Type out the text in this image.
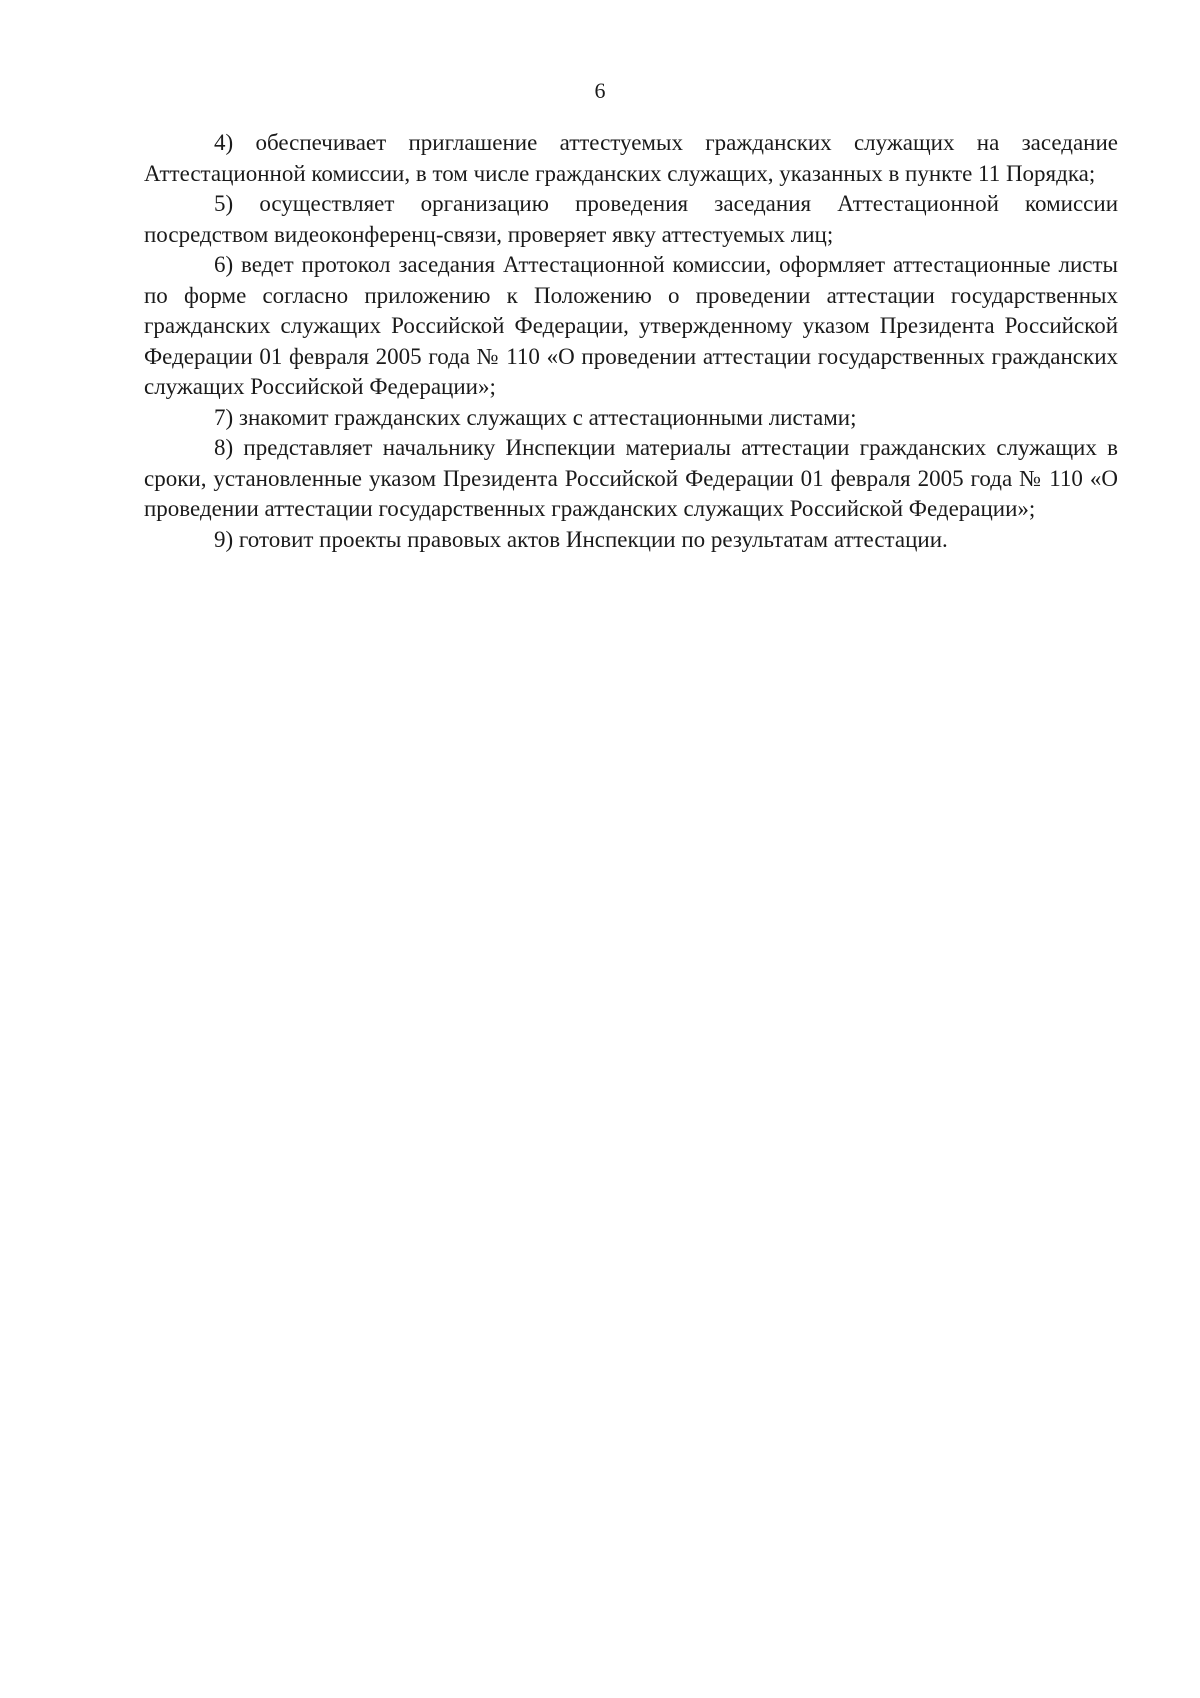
6

4) обеспечивает приглашение аттестуемых гражданских служащих на заседание Аттестационной комиссии, в том числе гражданских служащих, указанных в пункте 11 Порядка;

5) осуществляет организацию проведения заседания Аттестационной комиссии посредством видеоконференц-связи, проверяет явку аттестуемых лиц;

6) ведет протокол заседания Аттестационной комиссии, оформляет аттестационные листы по форме согласно приложению к Положению о проведении аттестации государственных гражданских служащих Российской Федерации, утвержденному указом Президента Российской Федерации 01 февраля 2005 года № 110 «О проведении аттестации государственных гражданских служащих Российской Федерации»;

7) знакомит гражданских служащих с аттестационными листами;

8) представляет начальнику Инспекции материалы аттестации гражданских служащих в сроки, установленные указом Президента Российской Федерации 01 февраля 2005 года № 110 «О проведении аттестации государственных гражданских служащих Российской Федерации»;

9) готовит проекты правовых актов Инспекции по результатам аттестации.
